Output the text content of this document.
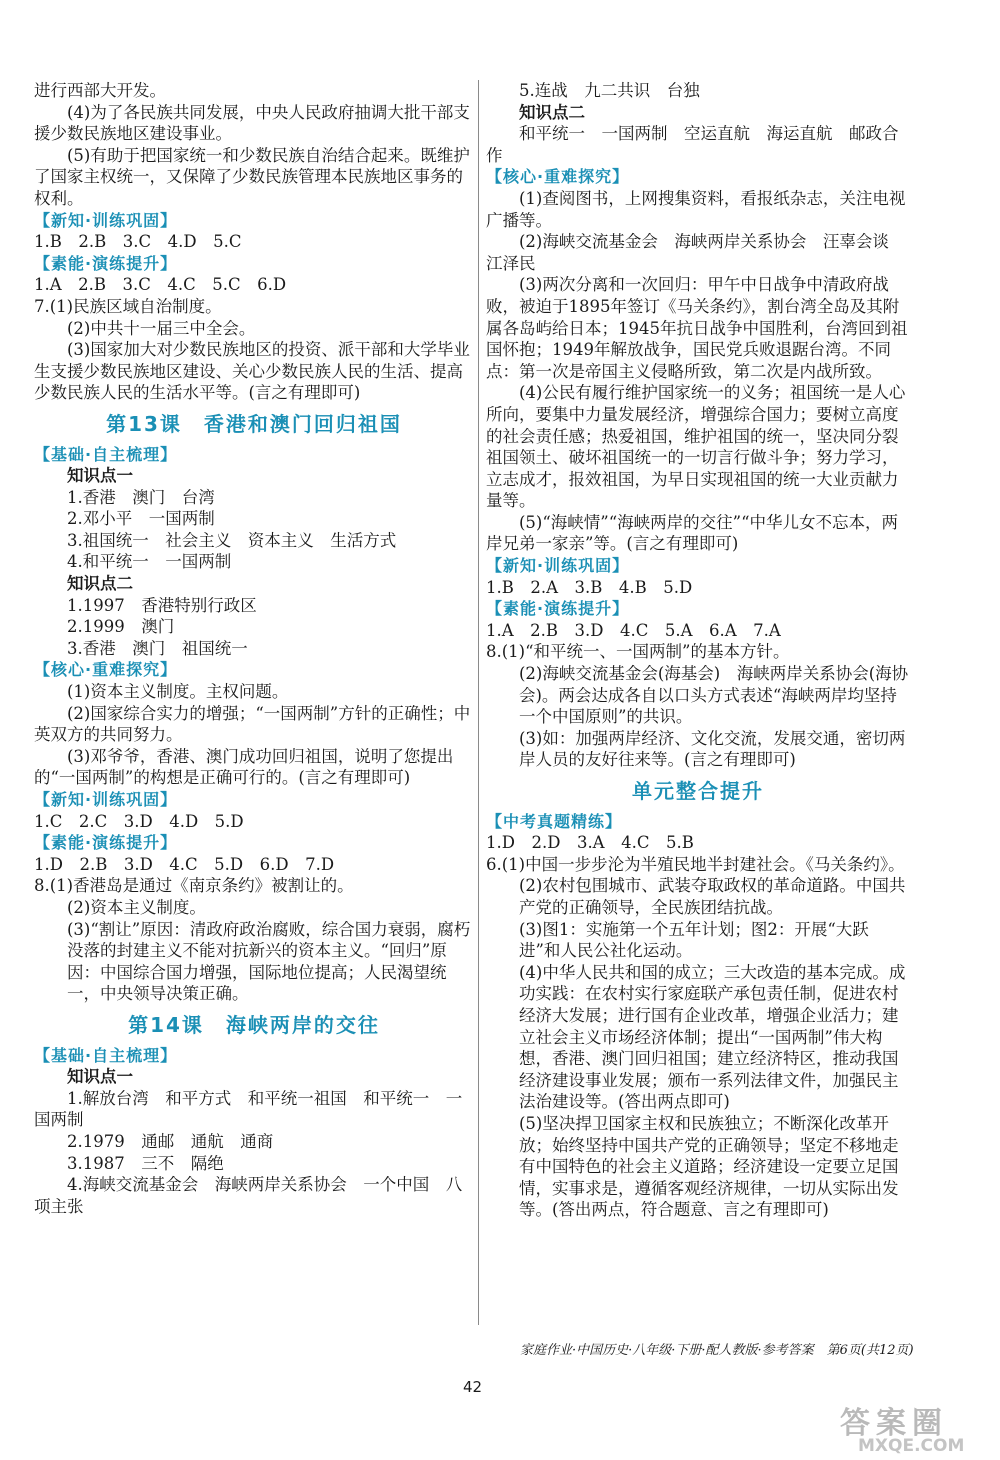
进行西部大开发。

(4)为了各民族共同发展，中央人民政府抽调大批干部支援少数民族地区建设事业。

(5)有助于把国家统一和少数民族自治结合起来。既维护了国家主权统一，又保障了少数民族管理本民族地区事务的权利。

【新知·训练巩固】

1.B　2.B　3.C　4.D　5.C

【素能·演练提升】

1.A　2.B　3.C　4.C　5.C　6.D

7.(1)民族区域自治制度。

(2)中共十一届三中全会。

(3)国家加大对少数民族地区的投资、派干部和大学毕业生支援少数民族地区建设、关心少数民族人民的生活、提高少数民族人民的生活水平等。(言之有理即可)

第13课　香港和澳门回归祖国

【基础·自主梳理】

知识点一

1.香港　澳门　台湾

2.邓小平　一国两制

3.祖国统一　社会主义　资本主义　生活方式

4.和平统一　一国两制

知识点二

1.1997　香港特别行政区

2.1999　澳门

3.香港　澳门　祖国统一

【核心·重难探究】

(1)资本主义制度。主权问题。

(2)国家综合实力的增强；“一国两制”方针的正确性；中英双方的共同努力。

(3)邓爷爷，香港、澳门成功回归祖国，说明了您提出的“一国两制”的构想是正确可行的。(言之有理即可)

【新知·训练巩固】

1.C　2.C　3.D　4.D　5.D

【素能·演练提升】

1.D　2.B　3.D　4.C　5.D　6.D　7.D

8.(1)香港岛是通过《南京条约》被割让的。

(2)资本主义制度。

(3)“割让”原因：清政府政治腐败，综合国力衰弱，腐朽没落的封建主义不能对抗新兴的资本主义。“回归”原因：中国综合国力增强，国际地位提高；人民渴望统一，中央领导决策正确。

第14课　海峡两岸的交往

【基础·自主梳理】

知识点一

1.解放台湾　和平方式　和平统一祖国　和平统一　一国两制

2.1979　通邮　通航　通商

3.1987　三不　隔绝

4.海峡交流基金会　海峡两岸关系协会　一个中国　八项主张

5.连战　九二共识　台独

知识点二

和平统一　一国两制　空运直航　海运直航　邮政合作

【核心·重难探究】

(1)查阅图书，上网搜集资料，看报纸杂志，关注电视广播等。

(2)海峡交流基金会　海峡两岸关系协会　汪辜会谈　江泽民

(3)两次分离和一次回归：甲午中日战争中清政府战败，被迫于1895年签订《马关条约》，割台湾全岛及其附属各岛屿给日本；1945年抗日战争中国胜利，台湾回到祖国怀抱；1949年解放战争，国民党兵败退踞台湾。不同点：第一次是帝国主义侵略所致，第二次是内战所致。

(4)公民有履行维护国家统一的义务；祖国统一是人心所向，要集中力量发展经济，增强综合国力；要树立高度的社会责任感；热爱祖国，维护祖国的统一，坚决同分裂祖国领土、破坏祖国统一的一切言行做斗争；努力学习，立志成才，报效祖国，为早日实现祖国的统一大业贡献力量等。

(5)“海峡情”“海峡两岸的交往”“中华儿女不忘本，两岸兄弟一家亲”等。(言之有理即可)

【新知·训练巩固】

1.B　2.A　3.B　4.B　5.D

【素能·演练提升】

1.A　2.B　3.D　4.C　5.A　6.A　7.A

8.(1)“和平统一、一国两制”的基本方针。

(2)海峡交流基金会(海基会)　海峡两岸关系协会(海协会)。两会达成各自以口头方式表述“海峡两岸均坚持一个中国原则”的共识。

(3)如：加强两岸经济、文化交流，发展交通，密切两岸人员的友好往来等。(言之有理即可)

单元整合提升

【中考真题精练】

1.D　2.D　3.A　4.C　5.B

6.(1)中国一步步沦为半殖民地半封建社会。《马关条约》。

(2)农村包围城市、武装夺取政权的革命道路。中国共产党的正确领导，全民族团结抗战。

(3)图1：实施第一个五年计划；图2：开展“大跃进”和人民公社化运动。

(4)中华人民共和国的成立；三大改造的基本完成。成功实践：在农村实行家庭联产承包责任制，促进农村经济大发展；进行国有企业改革，增强企业活力；建立社会主义市场经济体制；提出“一国两制”伟大构想，香港、澳门回归祖国；建立经济特区，推动我国经济建设事业发展；颁布一系列法律文件，加强民主法治建设等。(答出两点即可)

(5)坚决捍卫国家主权和民族独立；不断深化改革开放；始终坚持中国共产党的正确领导；坚定不移地走有中国特色的社会主义道路；经济建设一定要立足国情，实事求是，遵循客观经济规律，一切从实际出发等。(答出两点，符合题意、言之有理即可)

家庭作业·中国历史·八年级·下册·配人教版·参考答案　第6页(共12页)
42
答案圈
MXQE.COM
